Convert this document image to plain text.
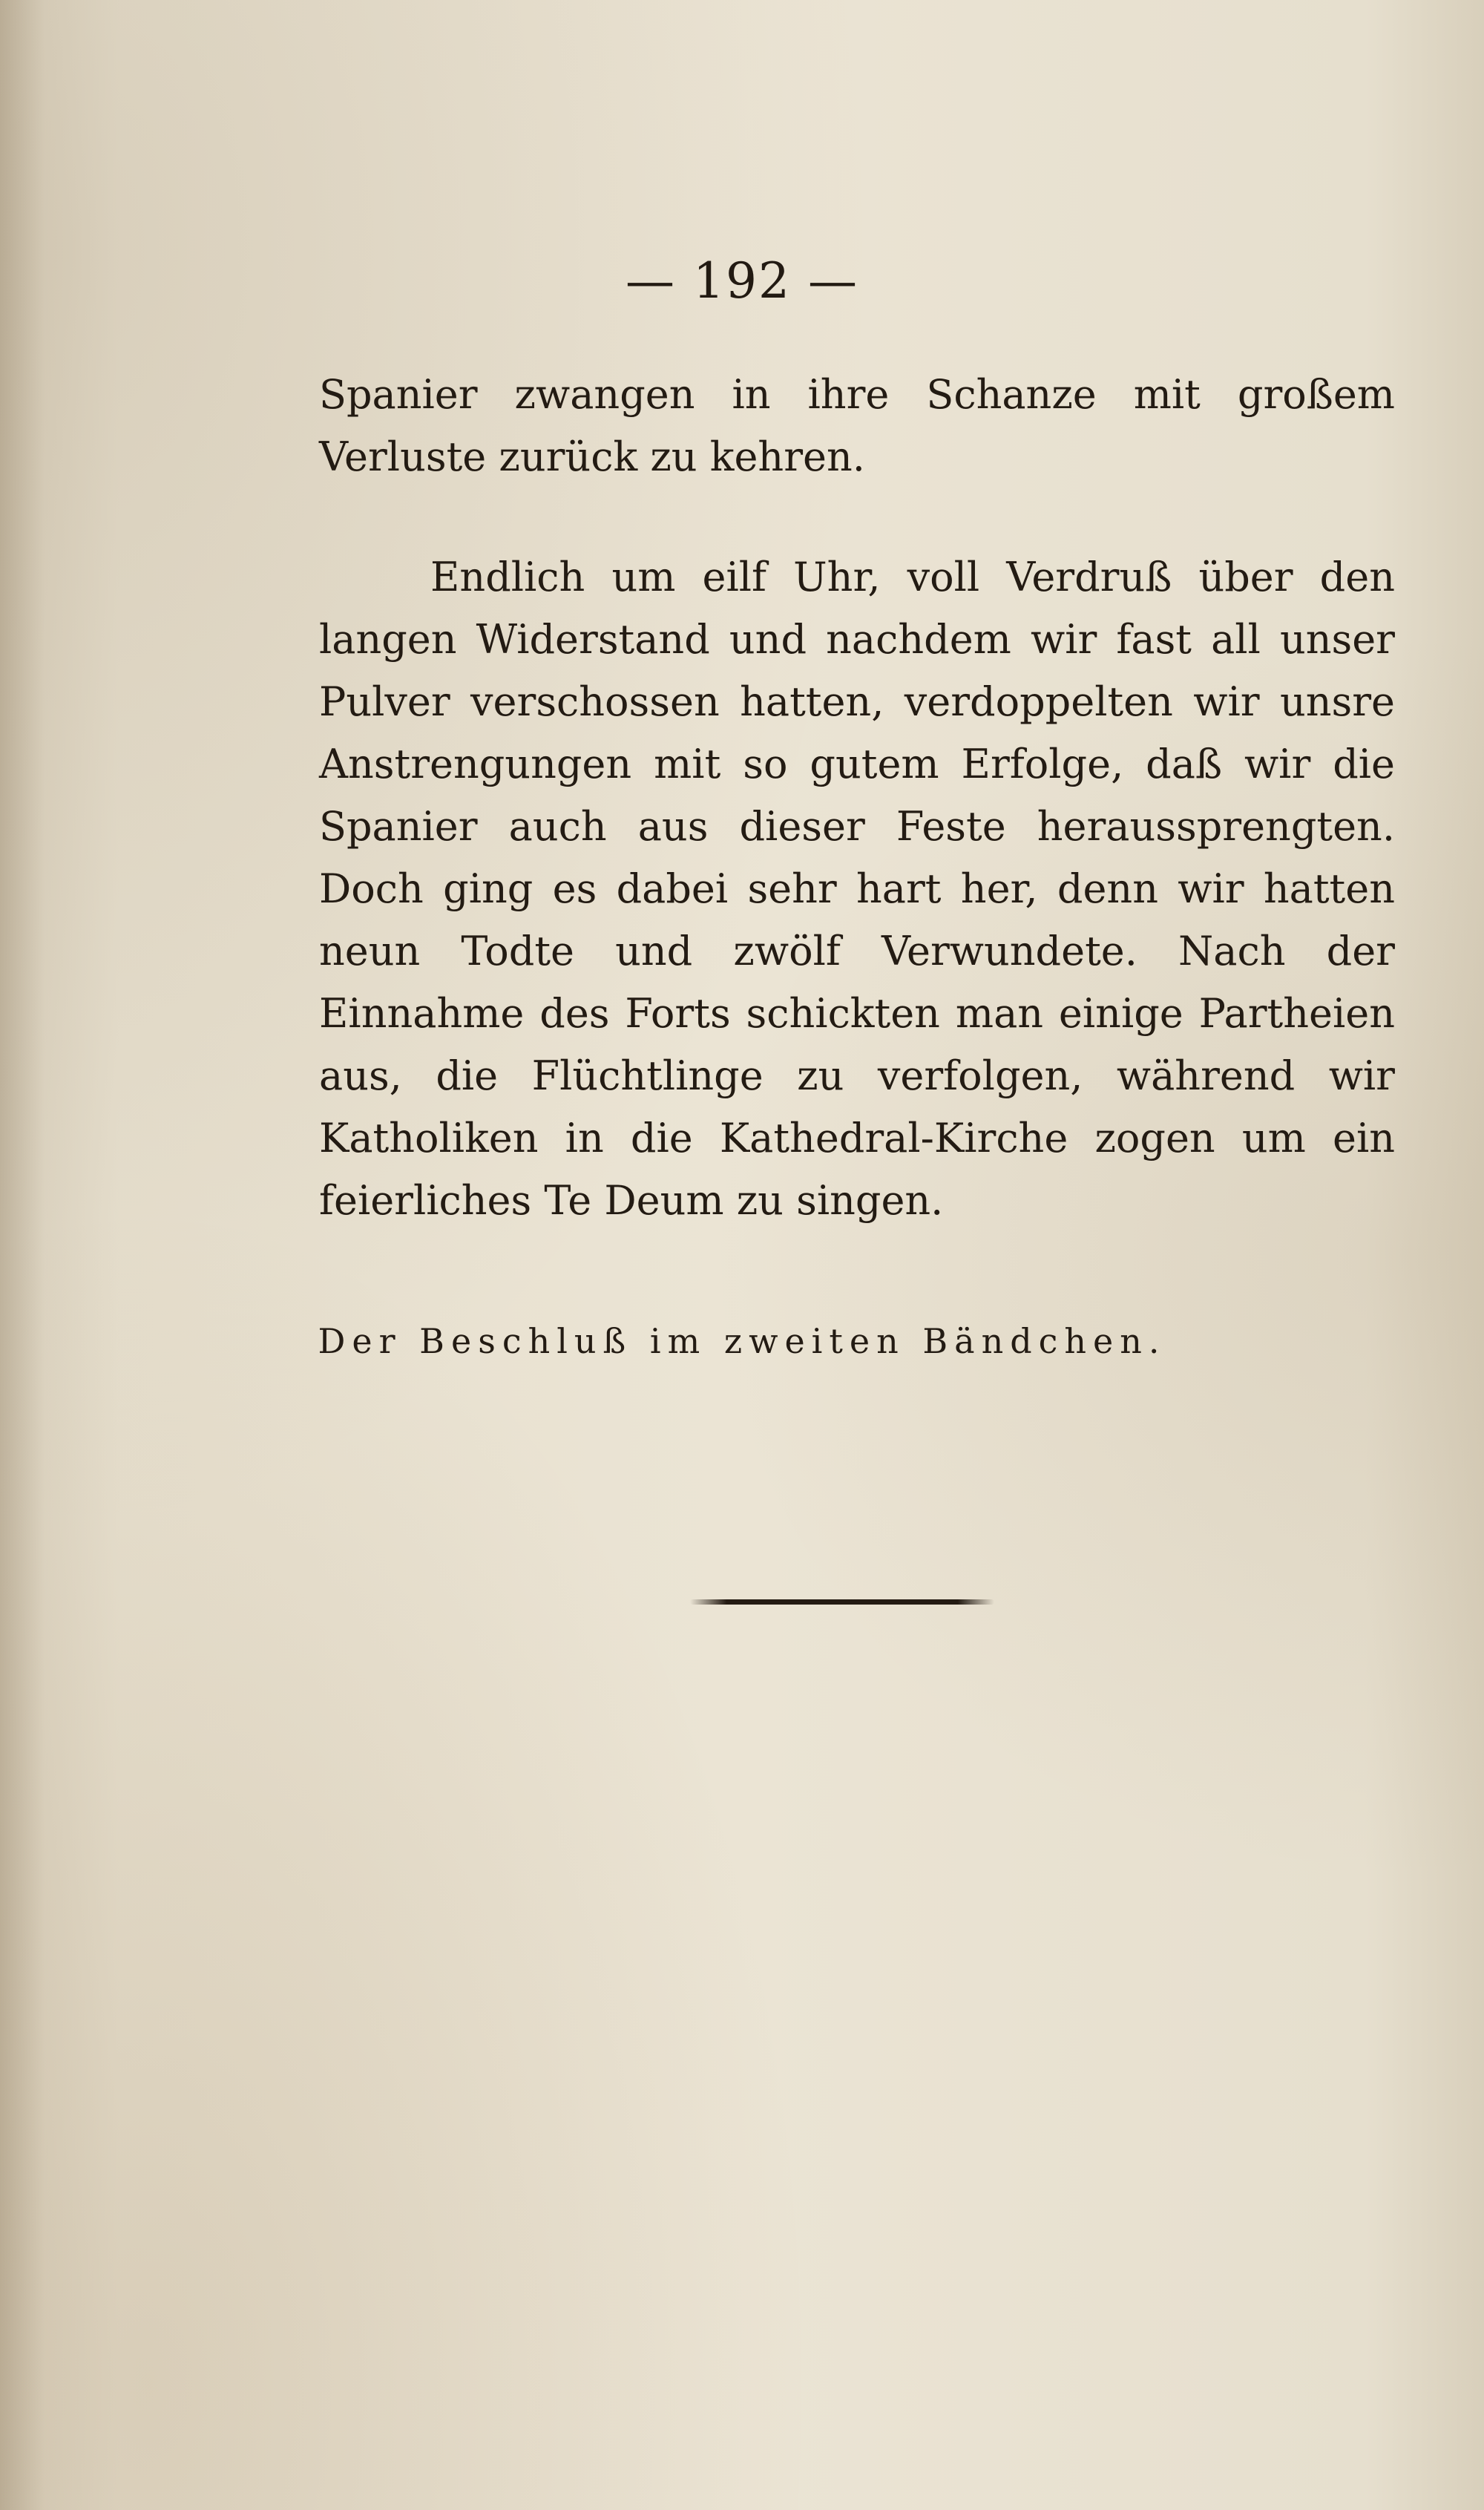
— 192 —

Spanier zwangen in ihre Schanze mit großem Verluste zurück zu kehren.

Endlich um eilf Uhr, voll Verdruß über den langen Widerstand und nachdem wir fast all unser Pulver verschossen hatten, verdoppelten wir unsre Anstrengungen mit so gutem Erfolge, daß wir die Spanier auch aus dieser Feste heraussprengten. Doch ging es dabei sehr hart her, denn wir hatten neun Todte und zwölf Verwundete. Nach der Einnahme des Forts schickten man einige Partheien aus, die Flüchtlinge zu verfolgen, während wir Katholiken in die Kathedral-Kirche zogen um ein feierliches Te Deum zu singen.

Der Beschluß im zweiten Bändchen.
